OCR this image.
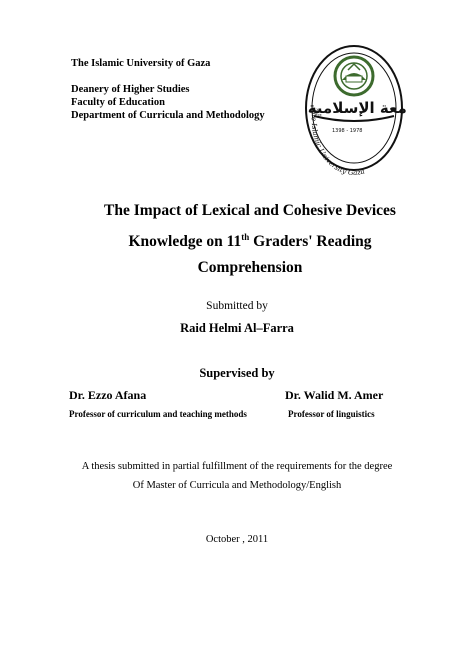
The Islamic University of Gaza
Deanery of Higher Studies
Faculty of Education
Department of Curricula and Methodology	معة الإسلامية
1398 - 1978
The Islamic University Gaza
The Impact of Lexical and Cohesive Devices
Knowledge on 11th Graders' Reading
Comprehension
Submitted by
Raid Helmi Al–Farra
Supervised by
Dr. Ezzo Afana	Dr. Walid M. Amer
Professor of curriculum and teaching methods	Professor of linguistics
A thesis submitted in partial fulfillment of the requirements for the degree
Of Master of Curricula and Methodology/English
October , 2011
